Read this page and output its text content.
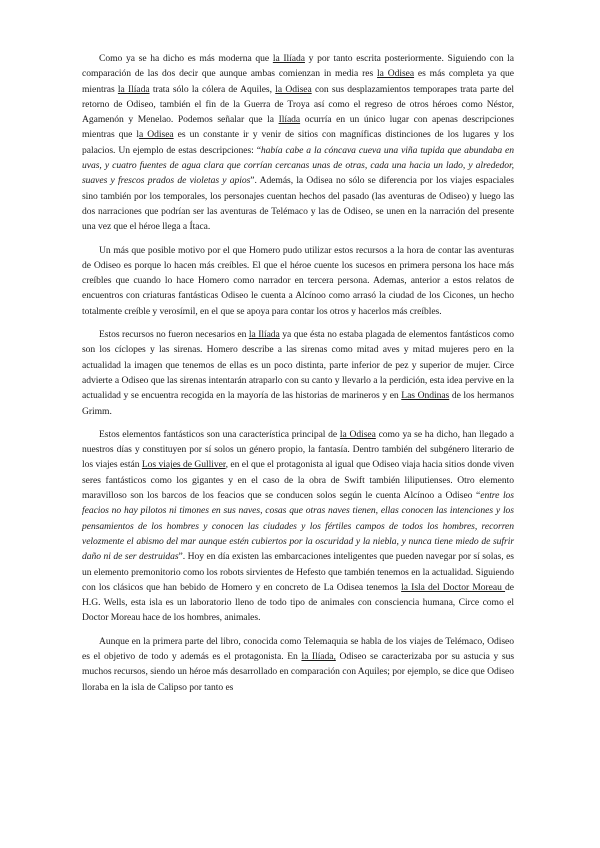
Como ya se ha dicho es más moderna que la Ilíada y por tanto escrita posteriormente. Siguiendo con la comparación de las dos decir que aunque ambas comienzan in media res la Odisea es más completa ya que mientras la Ilíada trata sólo la cólera de Aquiles, la Odisea con sus desplazamientos temporapes trata parte del retorno de Odiseo, también el fin de la Guerra de Troya así como el regreso de otros héroes como Néstor, Agamenón y Menelao. Podemos señalar que la Ilíada ocurría en un único lugar con apenas descripciones mientras que la Odisea es un constante ir y venir de sitios con magníficas distinciones de los lugares y los palacios. Un ejemplo de estas descripciones: “había cabe a la cóncava cueva una viña tupida que abundaba en uvas, y cuatro fuentes de agua clara que corrían cercanas unas de otras, cada una hacia un lado, y alrededor, suaves y frescos prados de violetas y apios”. Además, la Odisea no sólo se diferencia por los viajes espaciales sino también por los temporales, los personajes cuentan hechos del pasado (las aventuras de Odiseo) y luego las dos narraciones que podrían ser las aventuras de Telémaco y las de Odiseo, se unen en la narración del presente una vez que el héroe llega a Ítaca.

Un más que posible motivo por el que Homero pudo utilizar estos recursos a la hora de contar las aventuras de Odiseo es porque lo hacen más creíbles. El que el héroe cuente los sucesos en primera persona los hace más creíbles que cuando lo hace Homero como narrador en tercera persona. Ademas, anterior a estos relatos de encuentros con criaturas fantásticas Odiseo le cuenta a Alcínoo como arrasó la ciudad de los Cicones, un hecho totalmente creíble y verosímil, en el que se apoya para contar los otros y hacerlos más creíbles.

Estos recursos no fueron necesarios en la Ilíada ya que ésta no estaba plagada de elementos fantásticos como son los cíclopes y las sirenas. Homero describe a las sirenas como mitad aves y mitad mujeres pero en la actualidad la imagen que tenemos de ellas es un poco distinta, parte inferior de pez y superior de mujer. Circe advierte a Odiseo que las sirenas intentarán atraparlo con su canto y llevarlo a la perdición, esta idea pervive en la actualidad y se encuentra recogida en la mayoría de las historias de marineros y en Las Ondinas de los hermanos Grimm.

Estos elementos fantásticos son una característica principal de la Odisea como ya se ha dicho, han llegado a nuestros días y constituyen por sí solos un género propio, la fantasía. Dentro también del subgénero literario de los viajes están Los viajes de Gulliver, en el que el protagonista al igual que Odiseo viaja hacia sitios donde viven seres fantásticos como los gigantes y en el caso de la obra de Swift también liliputienses. Otro elemento maravilloso son los barcos de los feacios que se conducen solos según le cuenta Alcínoo a Odiseo “entre los feacios no hay pilotos ni timones en sus naves, cosas que otras naves tienen, ellas conocen las intenciones y los pensamientos de los hombres y conocen las ciudades y los fértiles campos de todos los hombres, recorren velozmente el abismo del mar aunque estén cubiertos por la oscuridad y la niebla, y nunca tiene miedo de sufrir daño ni de ser destruidas”. Hoy en día existen las embarcaciones inteligentes que pueden navegar por sí solas, es un elemento premonitorio como los robots sirvientes de Hefesto que también tenemos en la actualidad. Siguiendo con los clásicos que han bebido de Homero y en concreto de La Odisea tenemos la Isla del Doctor Moreau de H.G. Wells, esta isla es un laboratorio lleno de todo tipo de animales con consciencia humana, Circe como el Doctor Moreau hace de los hombres, animales.

Aunque en la primera parte del libro, conocida como Telemaquia se habla de los viajes de Telémaco, Odiseo es el objetivo de todo y además es el protagonista. En la Ilíada, Odiseo se caracterizaba por su astucia y sus muchos recursos, siendo un héroe más desarrollado en comparación con Aquiles; por ejemplo, se dice que Odiseo lloraba en la isla de Calipso por tanto es
